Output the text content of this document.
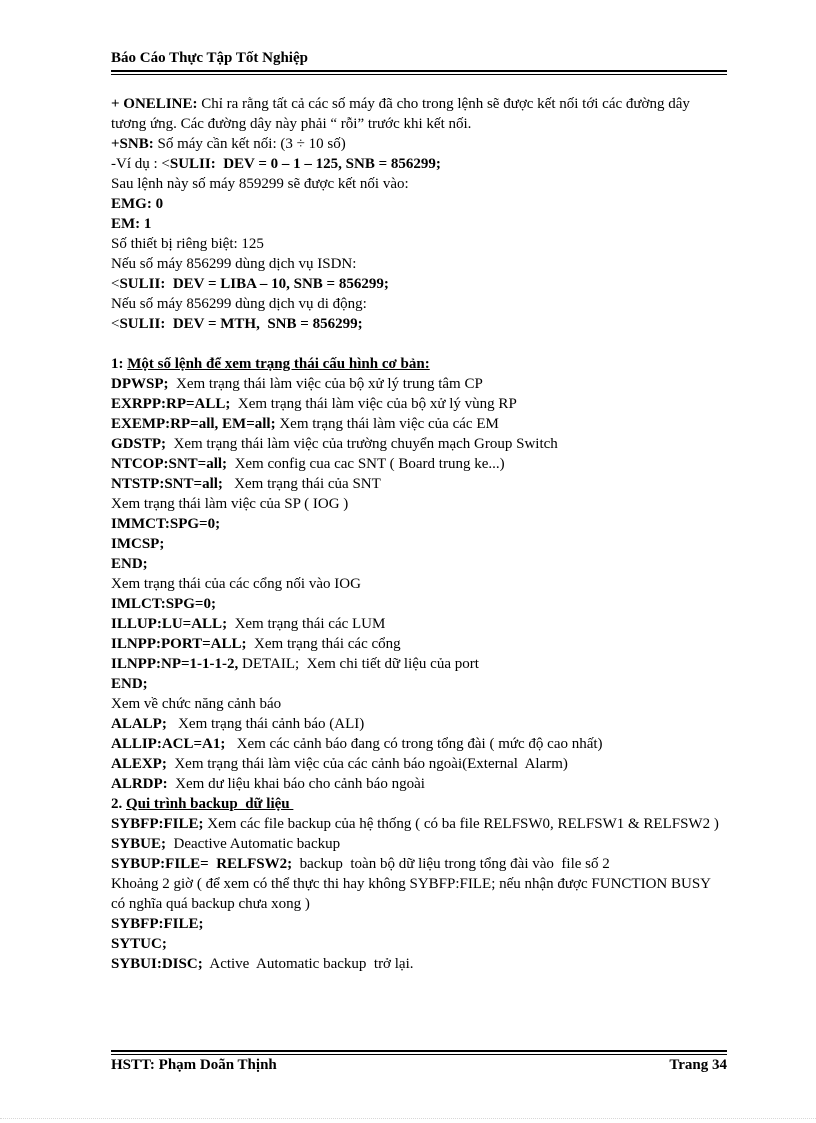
Báo Cáo Thực Tập Tốt Nghiệp
+ ONELINE: Chỉ ra rằng tất cả các số máy đã cho trong lệnh sẽ được kết nối tới các đường dây tương ứng. Các đường dây này phải “ rỗi” trước khi kết nối.
+SNB: Số máy cần kết nối: (3 ÷ 10 số)
-Ví dụ : <SULII:  DEV = 0 – 1 – 125, SNB = 856299;
Sau lệnh này số máy 859299 sẽ được kết nối vào:
EMG: 0
EM: 1
Số thiết bị riêng biệt: 125
Nếu số máy 856299 dùng dịch vụ ISDN:
<SULII:  DEV = LIBA – 10, SNB = 856299;
Nếu số máy 856299 dùng dịch vụ di động:
<SULII:  DEV = MTH,  SNB = 856299;

1: Một số lệnh để xem trạng thái cấu hình cơ bản:
DPWSP;  Xem trạng thái làm việc của bộ xử lý trung tâm CP
EXRPP:RP=ALL;  Xem trạng thái làm việc của bộ xử lý vùng RP
EXEMP:RP=all, EM=all; Xem trạng thái làm việc của các EM
GDSTP;  Xem trạng thái làm việc của trường chuyển mạch Group Switch
NTCOP:SNT=all;  Xem config cua cac SNT ( Board trung ke...)
NTSTP:SNT=all;   Xem trạng thái của SNT
Xem trạng thái làm việc của SP ( IOG )
IMMCT:SPG=0;
IMCSP;
END;
Xem trạng thái của các cổng nối vào IOG
IMLCT:SPG=0;
ILLUP:LU=ALL;  Xem trạng thái các LUM
ILNPP:PORT=ALL;  Xem trạng thái các cổng
ILNPP:NP=1-1-1-2, DETAIL;  Xem chi tiết dữ liệu của port
END;
Xem về chức năng cảnh báo
ALALP;   Xem trạng thái cảnh báo (ALI)
ALLIP:ACL=A1;   Xem các cảnh báo đang có trong tổng đài ( mức độ cao nhất)
ALEXP;  Xem trạng thái làm việc của các cảnh báo ngoài(External  Alarm)
ALRDP:  Xem dư liệu khai báo cho cảnh báo ngoài
2. Qui trình backup  dữ liệu
SYBFP:FILE; Xem các file backup của hệ thống ( có ba file RELFSW0, RELFSW1 & RELFSW2 )
SYBUE;  Deactive Automatic backup
SYBUP:FILE=  RELFSW2;  backup  toàn bộ dữ liệu trong tổng đài vào  file số 2
Khoảng 2 giờ ( để xem có thể thực thi hay không SYBFP:FILE; nếu nhận được FUNCTION BUSY có nghĩa quá backup chưa xong )
SYBFP:FILE;
SYTUC;
SYBUI:DISC;  Active  Automatic backup  trở lại.
HSTT: Phạm Doãn Thịnh	Trang 34
